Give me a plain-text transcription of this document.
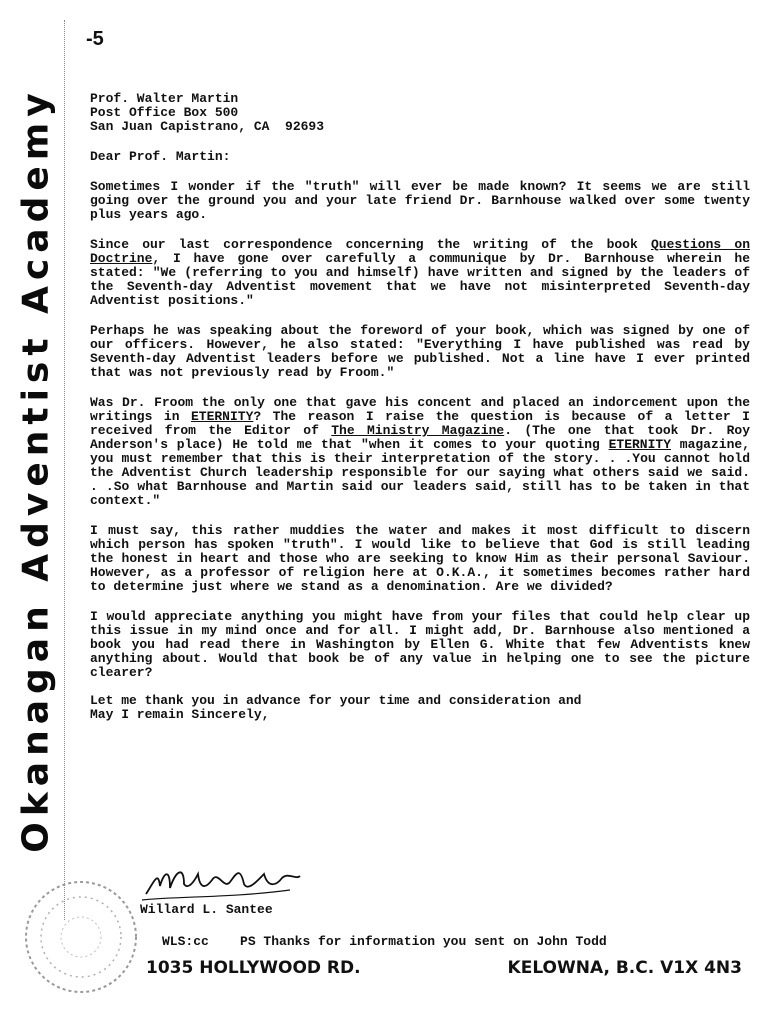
Okanagan Adventist Academy
-5
Prof. Walter Martin
Post Office Box 500
San Juan Capistrano, CA  92693
Dear Prof. Martin:
Sometimes I wonder if the "truth" will ever be made known? It seems we are still going over the ground you and your late friend Dr. Barnhouse walked over some twenty plus years ago.
Since our last correspondence concerning the writing of the book Questions on Doctrine, I have gone over carefully a communique by Dr. Barnhouse wherein he stated: "We (referring to you and himself) have written and signed by the leaders of the Seventh-day Adventist movement that we have not misinterpreted Seventh-day Adventist positions."
Perhaps he was speaking about the foreword of your book, which was signed by one of our officers. However, he also stated: "Everything I have published was read by Seventh-day Adventist leaders before we published. Not a line have I ever printed that was not previously read by Froom."
Was Dr. Froom the only one that gave his concent and placed an indorcement upon the writings in ETERNITY? The reason I raise the question is because of a letter I received from the Editor of The Ministry Magazine. (The one that took Dr. Roy Anderson's place) He told me that "when it comes to your quoting ETERNITY magazine, you must remember that this is their interpretation of the story. . .You cannot hold the Adventist Church leadership responsible for our saying what others said we said. . .So what Barnhouse and Martin said our leaders said, still has to be taken in that context."
I must say, this rather muddies the water and makes it most difficult to discern which person has spoken "truth". I would like to believe that God is still leading the honest in heart and those who are seeking to know Him as their personal Saviour. However, as a professor of religion here at O.K.A., it sometimes becomes rather hard to determine just where we stand as a denomination. Are we divided?
I would appreciate anything you might have from your files that could help clear up this issue in my mind once and for all. I might add, Dr. Barnhouse also mentioned a book you had read there in Washington by Ellen G. White that few Adventists knew anything about. Would that book be of any value in helping one to see the picture clearer?
Let me thank you in advance for your time and consideration and
May I remain Sincerely,
Willard L. Santee
WLS:cc PS Thanks for information you sent on John Todd
1035 HOLLYWOOD RD.	KELOWNA, B.C. V1X 4N3
